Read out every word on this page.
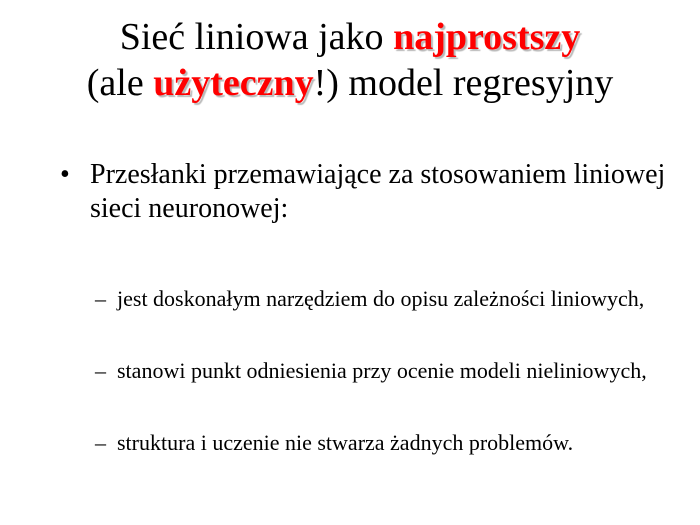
Sieć liniowa jako najprostszy
(ale użyteczny!) model regresyjny
• Przesłanki przemawiające za stosowaniem liniowej sieci neuronowej:
– jest doskonałym narzędziem do opisu zależności liniowych,
– stanowi punkt odniesienia przy ocenie modeli nieliniowych,
– struktura i uczenie nie stwarza żadnych problemów.
